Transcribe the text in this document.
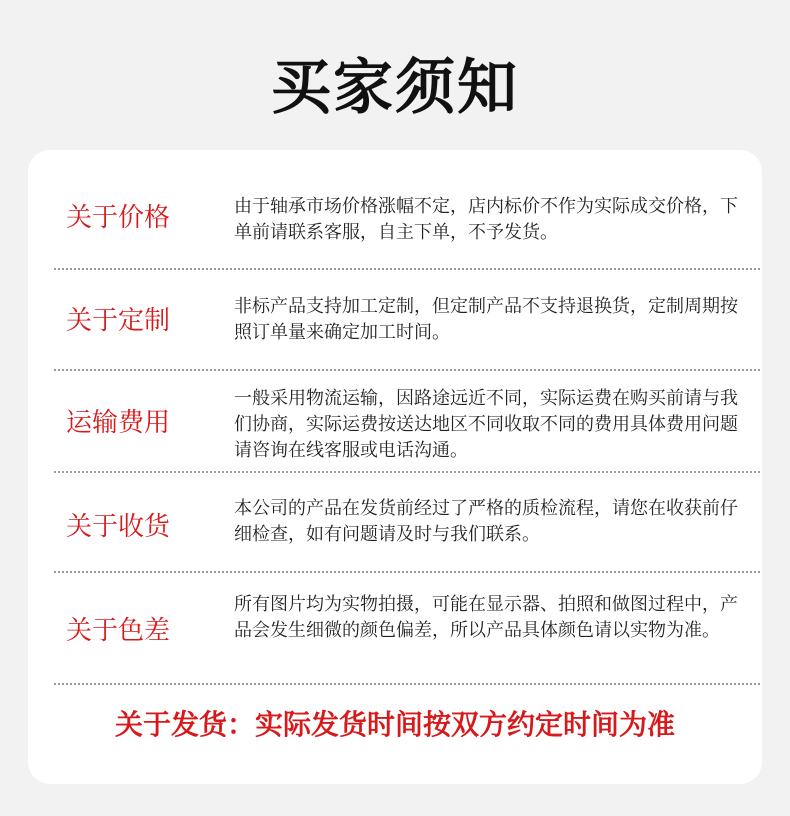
买家须知
关于价格	由于轴承市场价格涨幅不定，店内标价不作为实际成交价格，下单前请联系客服，自主下单，不予发货。
关于定制	非标产品支持加工定制，但定制产品不支持退换货，定制周期按照订单量来确定加工时间。
运输费用
一般采用物流运输，因路途远近不同，实际运费在购买前请与我们协商，实际运费按送达地区不同收取不同的费用具体费用问题请咨询在线客服或电话沟通。
关于收货
本公司的产品在发货前经过了严格的质检流程，请您在收获前仔细检查，如有问题请及时与我们联系。
关于色差
所有图片均为实物拍摄，可能在显示器、拍照和做图过程中，产品会发生细微的颜色偏差，所以产品具体颜色请以实物为准。
关于发货：实际发货时间按双方约定时间为准
